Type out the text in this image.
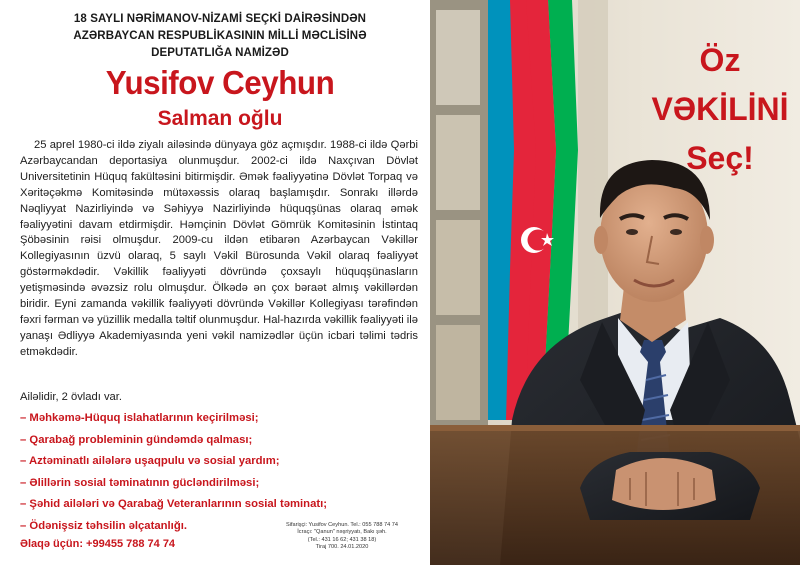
18 SAYLI NƏRİMANOV-NİZAMİ SEÇKİ DAİRƏSİNDƏN
AZƏRBAYCAN RESPUBLİKASININ MİLLİ MƏCLİSİNƏ
DEPUTATLIĞA NAMİZƏD
Yusifov Ceyhun
Salman oğlu

25 aprel 1980-ci ildə ziyalı ailəsində dünyaya göz açmışdır. 1988-ci ildə Qərbi Azərbaycandan deportasiya olunmuşdur. 2002-ci ildə Naxçıvan Dövlət Universitetinin Hüquq fakültəsini bitirmişdir. Əmək fəaliyyətinə Dövlət Torpaq və Xəritəçəkmə Komitəsində mütəxəssis olaraq başlamışdır. Sonrakı illərdə Nəqliyyat Nazirliyində və Səhiyyə Nazirliyində hüquqşünas olaraq əmək fəaliyyətini davam etdirmişdir. Həmçinin Dövlət Gömrük Komitəsinin İstintaq Şöbəsinin rəisi olmuşdur. 2009-cu ildən etibarən Azərbaycan Vəkillər Kollegiyasının üzvü olaraq, 5 saylı Vəkil Bürosunda Vəkil olaraq fəaliyyət göstərməkdədir. Vəkillik fəaliyyəti dövründə çoxsaylı hüquqşünasların yetişməsində əvəzsiz rolu olmuşdur. Ölkədə ən çox bəraət almış vəkillərdən biridir. Eyni zamanda vəkillik fəaliyyəti dövründə Vəkillər Kollegiyası tərəfindən fəxri fərman və yüzillik medalla təltif olunmuşdur. Hal-hazırda vəkillik fəaliyyəti ilə yanaşı Ədliyyə Akademiyasında yeni vəkil namizədlər üçün icbari təlimi tədris etməkdədir.

Ailəlidir, 2 övladı var.
– Məhkəmə-Hüquq islahatlarının keçirilməsi;
– Qarabağ probleminin gündəmdə qalması;
– Aztəminatlı ailələrə uşaqpulu və sosial yardım;
– Əlillərin sosial təminatının gücləndirilməsi;
– Şəhid ailələri və Qarabağ Veteranlarının sosial təminatı;
– Ödənişsiz təhsilin əlçatanlığı.
Əlaqə üçün: +99455 788 74 74
Sifarişçi: Yusifov Ceyhun. Tel.: 055 788 74 74
İcraçı: "Qanun" nəşriyyatı, Bakı şəh.
(Tel.: 431 16 62; 431 38 18)
Tiraj 700. 24.01.2020
Öz
VƏKİLİNİ
Seç!
